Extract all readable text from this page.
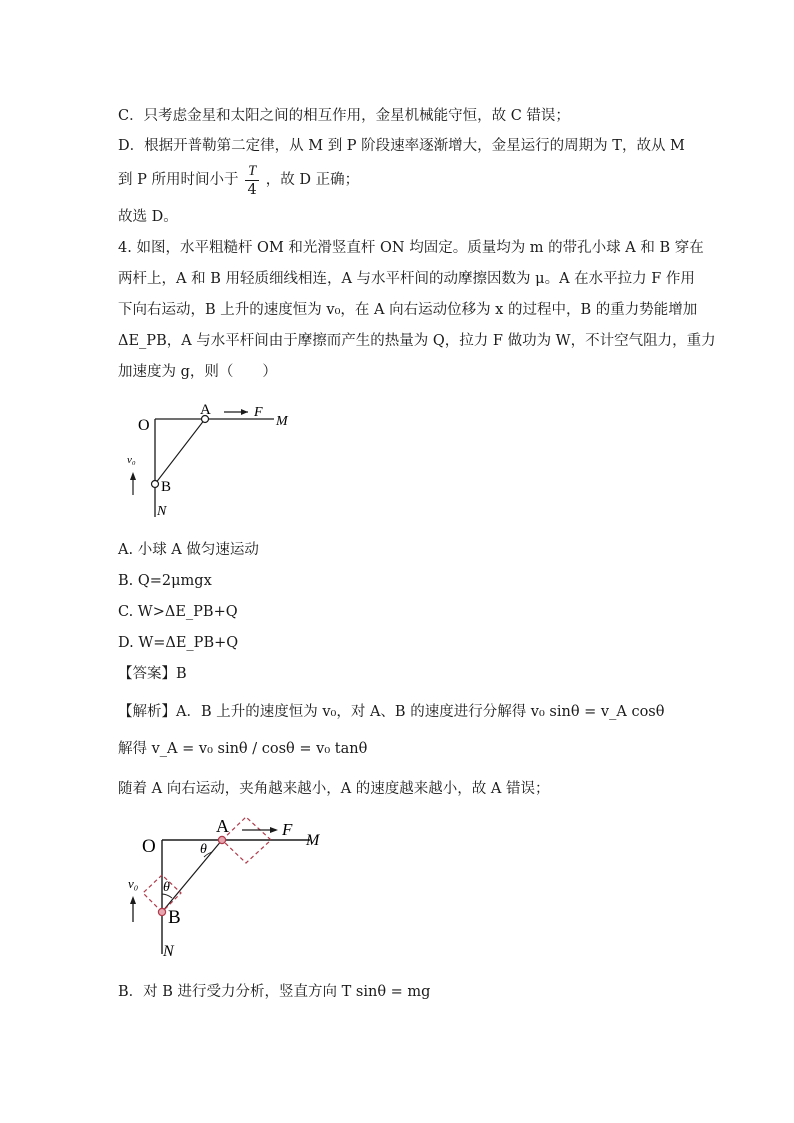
C．只考虑金星和太阳之间的相互作用，金星机械能守恒，故 C 错误；
D．根据开普勒第二定律，从 M 到 P 阶段速率逐渐增大，金星运行的周期为 T，故从 M
到 P 所用时间小于 $\frac{T}{4}$ ，故 D 正确；
故选 D。
4. 如图，水平粗糙杆 OM 和光滑竖直杆 ON 均固定。质量均为 m 的带孔小球 A 和 B 穿在
两杆上，A 和 B 用轻质细线相连，A 与水平杆间的动摩擦因数为 μ。A 在水平拉力 F 作用
下向右运动，B 上升的速度恒为 v₀，在 A 向右运动位移为 x 的过程中，B 的重力势能增加
ΔE_PB，A 与水平杆间由于摩擦而产生的热量为 Q，拉力 F 做功为 W，不计空气阻力，重力
加速度为 g，则（　　）
O
A	F
M
v₀
B
N
A. 小球 A 做匀速运动
B. Q=2μmgx
C. W>ΔE_PB+Q
D. W=ΔE_PB+Q
【答案】B
【解析】A．B 上升的速度恒为 v₀，对 A、B 的速度进行分解得 v₀ sinθ = v_A cosθ
解得 v_A = v₀ sinθ / cosθ = v₀ tanθ
随着 A 向右运动，夹角越来越小，A 的速度越来越小，故 A 错误；
O
A	F
M
θ
θ
v₀
B
N
B．对 B 进行受力分析，竖直方向 T sinθ = mg
